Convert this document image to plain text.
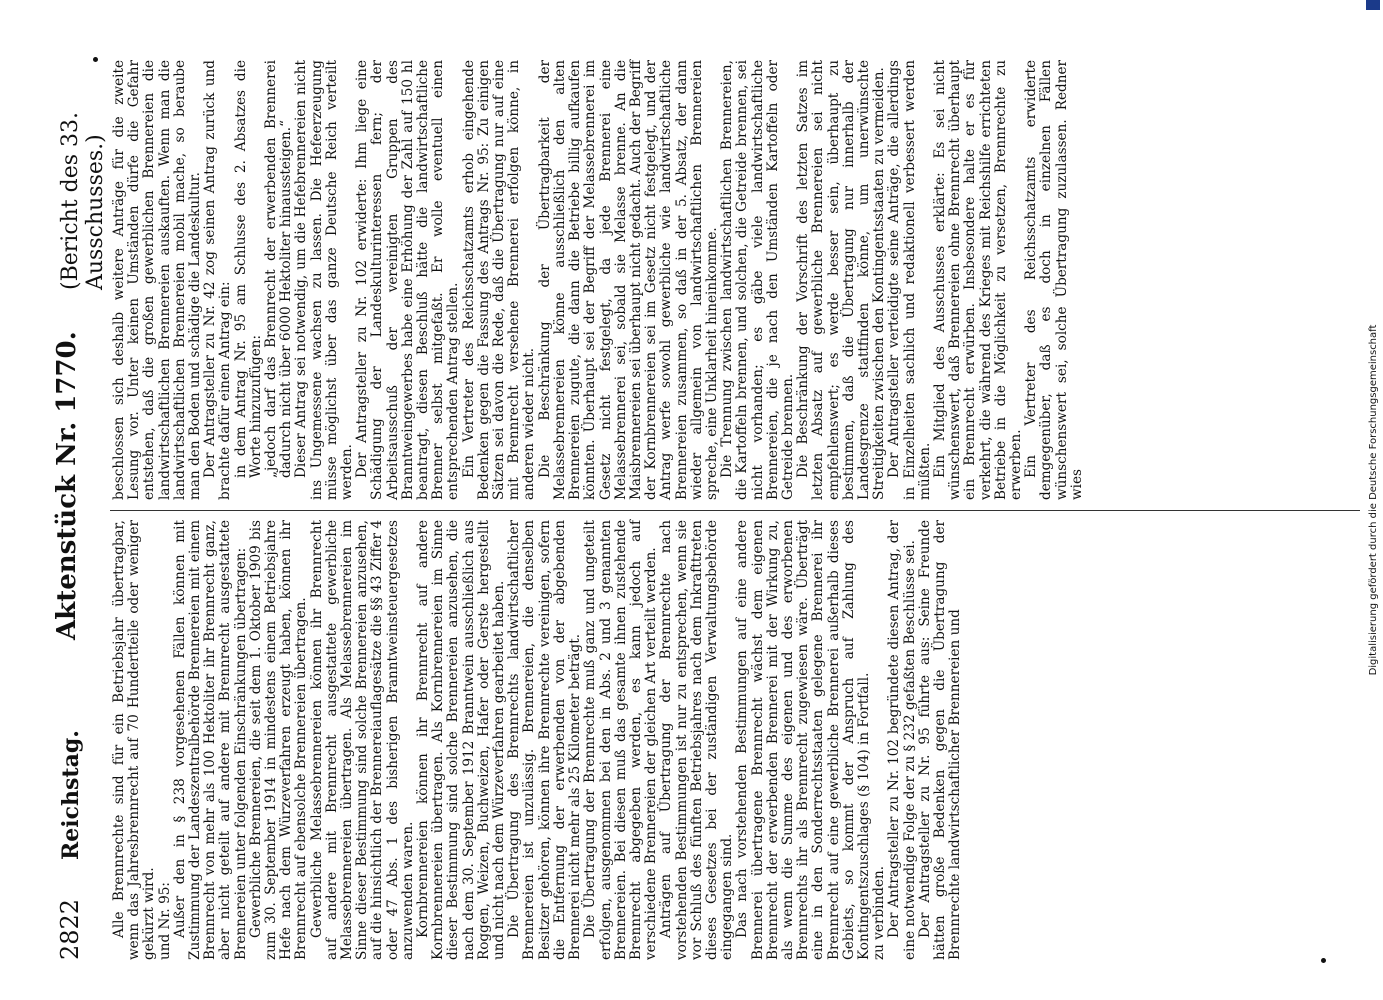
2822
Reichstag.
Aktenstück Nr. 1770.
(Bericht des 33. Ausschusses.)

Alle Brennrechte sind für ein Betriebsjahr übertragbar, wenn das Jahresbrennrecht auf 70 Hundertteile oder weniger gekürzt wird. und Nr. 95: Außer den in § 238 vorgesehenen Fällen können mit Zustimmung der Landeszentralbehörde Brennereien mit einem Brennrecht von mehr als 100 Hektoliter ihr Brennrecht ganz, aber nicht geteilt auf andere mit Brennrecht ausgestattete Brennereien unter folgenden Einschränkungen übertragen: Gewerbliche Brennereien, die seit dem 1. Oktober 1909 bis zum 30. September 1914 in mindestens einem Betriebsjahre Hefe nach dem Würzeverfahren erzeugt haben, können ihr Brennrecht auf ebensolche Brennereien übertragen. Gewerbliche Melassebrennereien können ihr Brennrecht auf andere mit Brennrecht ausgestattete gewerbliche Melassebrennereien übertragen. Als Melassebrennereien im Sinne dieser Bestimmung sind solche Brennereien anzusehen, auf die hinsichtlich der Brennereiauflagesätze die §§ 43 Ziffer 4 oder 47 Abs. 1 des bisherigen Branntweinsteuergesetzes anzuwenden waren. Kornbrennereien können ihr Brennrecht auf andere Kornbrennereien übertragen. Als Kornbrennereien im Sinne dieser Bestimmung sind solche Brennereien anzusehen, die nach dem 30. September 1912 Branntwein ausschließlich aus Roggen, Weizen, Buchweizen, Hafer oder Gerste hergestellt und nicht nach dem Würzeverfahren gearbeitet haben. Die Übertragung des Brennrechts landwirtschaftlicher Brennereien ist unzulässig. Brennereien, die denselben Besitzer gehören, können ihre Brennrechte vereinigen, sofern die Entfernung der erwerbenden von der abgebenden Brennerei nicht mehr als 25 Kilometer beträgt. Die Übertragung der Brennrechte muß ganz und ungeteilt erfolgen, ausgenommen bei den in Abs. 2 und 3 genannten Brennereien. Bei diesen muß das gesamte ihnen zustehende Brennrecht abgegeben werden, es kann jedoch auf verschiedene Brennereien der gleichen Art verteilt werden. Anträgen auf Übertragung der Brennrechte nach vorstehenden Bestimmungen ist nur zu entsprechen, wenn sie vor Schluß des fünften Betriebsjahres nach dem Inkrafttreten dieses Gesetzes bei der zuständigen Verwaltungsbehörde eingegangen sind. Das nach vorstehenden Bestimmungen auf eine andere Brennerei übertragene Brennrecht wächst dem eigenen Brennrecht der erwerbenden Brennerei mit der Wirkung zu, als wenn die Summe des eigenen und des erworbenen Brennrechts ihr als Brennrecht zugewiesen wäre. Überträgt eine in den Sonderrechtsstaaten gelegene Brennerei ihr Brennrecht auf eine gewerbliche Brennerei außerhalb dieses Gebiets, so kommt der Anspruch auf Zahlung des Kontingentszuschlages (§ 104) in Fortfall. zu verbinden. Der Antragsteller zu Nr. 102 begründete diesen Antrag, der eine notwendige Folge der zu § 232 gefaßten Beschlüsse sei. Der Antragsteller zu Nr. 95 führte aus: Seine Freunde hätten große Bedenken gegen die Übertragung der Brennrechte landwirtschaftlicher Brennereien und

beschlossen sich deshalb weitere Anträge für die zweite Lesung vor. Unter keinen Umständen dürfe die Gefahr entstehen, daß die großen gewerblichen Brennereien die landwirtschaftlichen Brennereien auskauften. Wenn man die landwirtschaftlichen Brennereien mobil mache, so beraube man den Boden und schädige die Landeskultur. Der Antragsteller zu Nr. 42 zog seinen Antrag zurück und brachte dafür einen Antrag ein: in dem Antrag Nr. 95 am Schlusse des 2. Absatzes die Worte hinzuzufügen: „jedoch darf das Brennrecht der erwerbenden Brennerei dadurch nicht über 6000 Hektoliter hinaussteigen.“ Dieser Antrag sei notwendig, um die Hefebrennereien nicht ins Ungemessene wachsen zu lassen. Die Hefeerzeugung müsse möglichst über das ganze Deutsche Reich verteilt werden. Der Antragsteller zu Nr. 102 erwiderte: Ihm liege eine Schädigung der Landeskulturinteressen fern; der Arbeitsausschuß der vereinigten Gruppen des Branntweingewerbes habe eine Erhöhung der Zahl auf 150 hl beantragt, diesen Beschluß hätte die landwirtschaftliche Brenner selbst mitgefaßt. Er wolle eventuell einen entsprechenden Antrag stellen. Ein Vertreter des Reichsschatzamts erhob eingehende Bedenken gegen die Fassung des Antrags Nr. 95: Zu einigen Sätzen sei davon die Rede, daß die Übertragung nur auf eine mit Brennrecht versehene Brennerei erfolgen könne, in anderen wieder nicht. Die Beschränkung der Übertragbarkeit der Melassebrennereien könne ausschließlich den alten Brennereien zugute, die dann die Betriebe billig aufkaufen könnten. Überhaupt sei der Begriff der Melassebrennerei im Gesetz nicht festgelegt, da jede Brennerei eine Melassebrennerei sei, sobald sie Melasse brenne. An die Maisbrennereien sei überhaupt nicht gedacht. Auch der Begriff der Kornbrennereien sei im Gesetz nicht festgelegt, und der Antrag werfe sowohl gewerbliche wie landwirtschaftliche Brennereien zusammen, so daß in der 5. Absatz, der dann wieder allgemein von landwirtschaftlichen Brennereien spreche, eine Unklarheit hineinkomme. Die Trennung zwischen landwirtschaftlichen Brennereien, die Kartoffeln brennen, und solchen, die Getreide brennen, sei nicht vorhanden; es gäbe viele landwirtschaftliche Brennereien, die je nach den Umständen Kartoffeln oder Getreide brennen. Die Beschränkung der Vorschrift des letzten Satzes im letzten Absatz auf gewerbliche Brennereien sei nicht empfehlenswert; es werde besser sein, überhaupt zu bestimmen, daß die Übertragung nur innerhalb der Landesgrenze stattfinden könne, um unerwünschte Streitigkeiten zwischen den Kontingentsstaaten zu vermeiden. Der Antragsteller verteidigte seine Anträge, die allerdings in Einzelheiten sachlich und redaktionell verbessert werden müßten. Ein Mitglied des Ausschusses erklärte: Es sei nicht wünschenswert, daß Brennereien ohne Brennrecht überhaupt ein Brennrecht erwürben. Insbesondere halte er es für verkehrt, die während des Krieges mit Reichshilfe errichteten Betriebe in die Möglichkeit zu versetzen, Brennrechte zu erwerben. Ein Vertreter des Reichsschatzamts erwiderte demgegenüber, daß es doch in einzelnen Fällen wünschenswert sei, solche Übertragung zuzulassen. Redner wies	Digitalisierung gefördert durch die Deutsche Forschungsgemeinschaft
